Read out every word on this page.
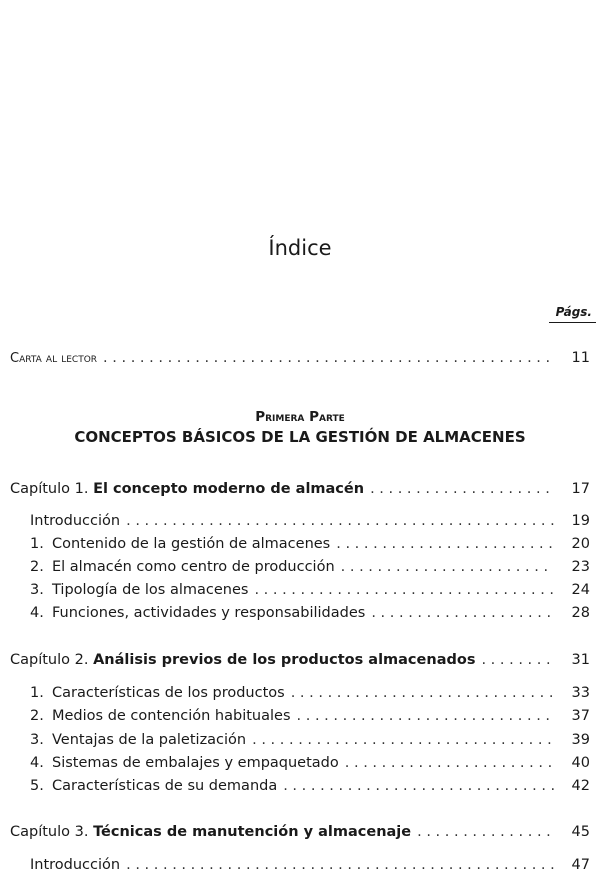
Índice
Págs.
Carta al lector . . .	11
Primera Parte
CONCEPTOS BÁSICOS DE LA GESTIÓN DE ALMACENES
Capítulo 1. El concepto moderno de almacén . . .	17
Introducción . . .	19
1. Contenido de la gestión de almacenes . . .	20
2. El almacén como centro de producción . . .	23
3. Tipología de los almacenes . . .	24
4. Funciones, actividades y responsabilidades . . .	28
Capítulo 2. Análisis previos de los productos almacenados . . .	31
1. Características de los productos . . .	33
2. Medios de contención habituales . . .	37
3. Ventajas de la paletización . . .	39
4. Sistemas de embalajes y empaquetado . . .	40
5. Características de su demanda . . .	42
Capítulo 3. Técnicas de manutención y almacenaje . . .	45
Introducción . . .	47
